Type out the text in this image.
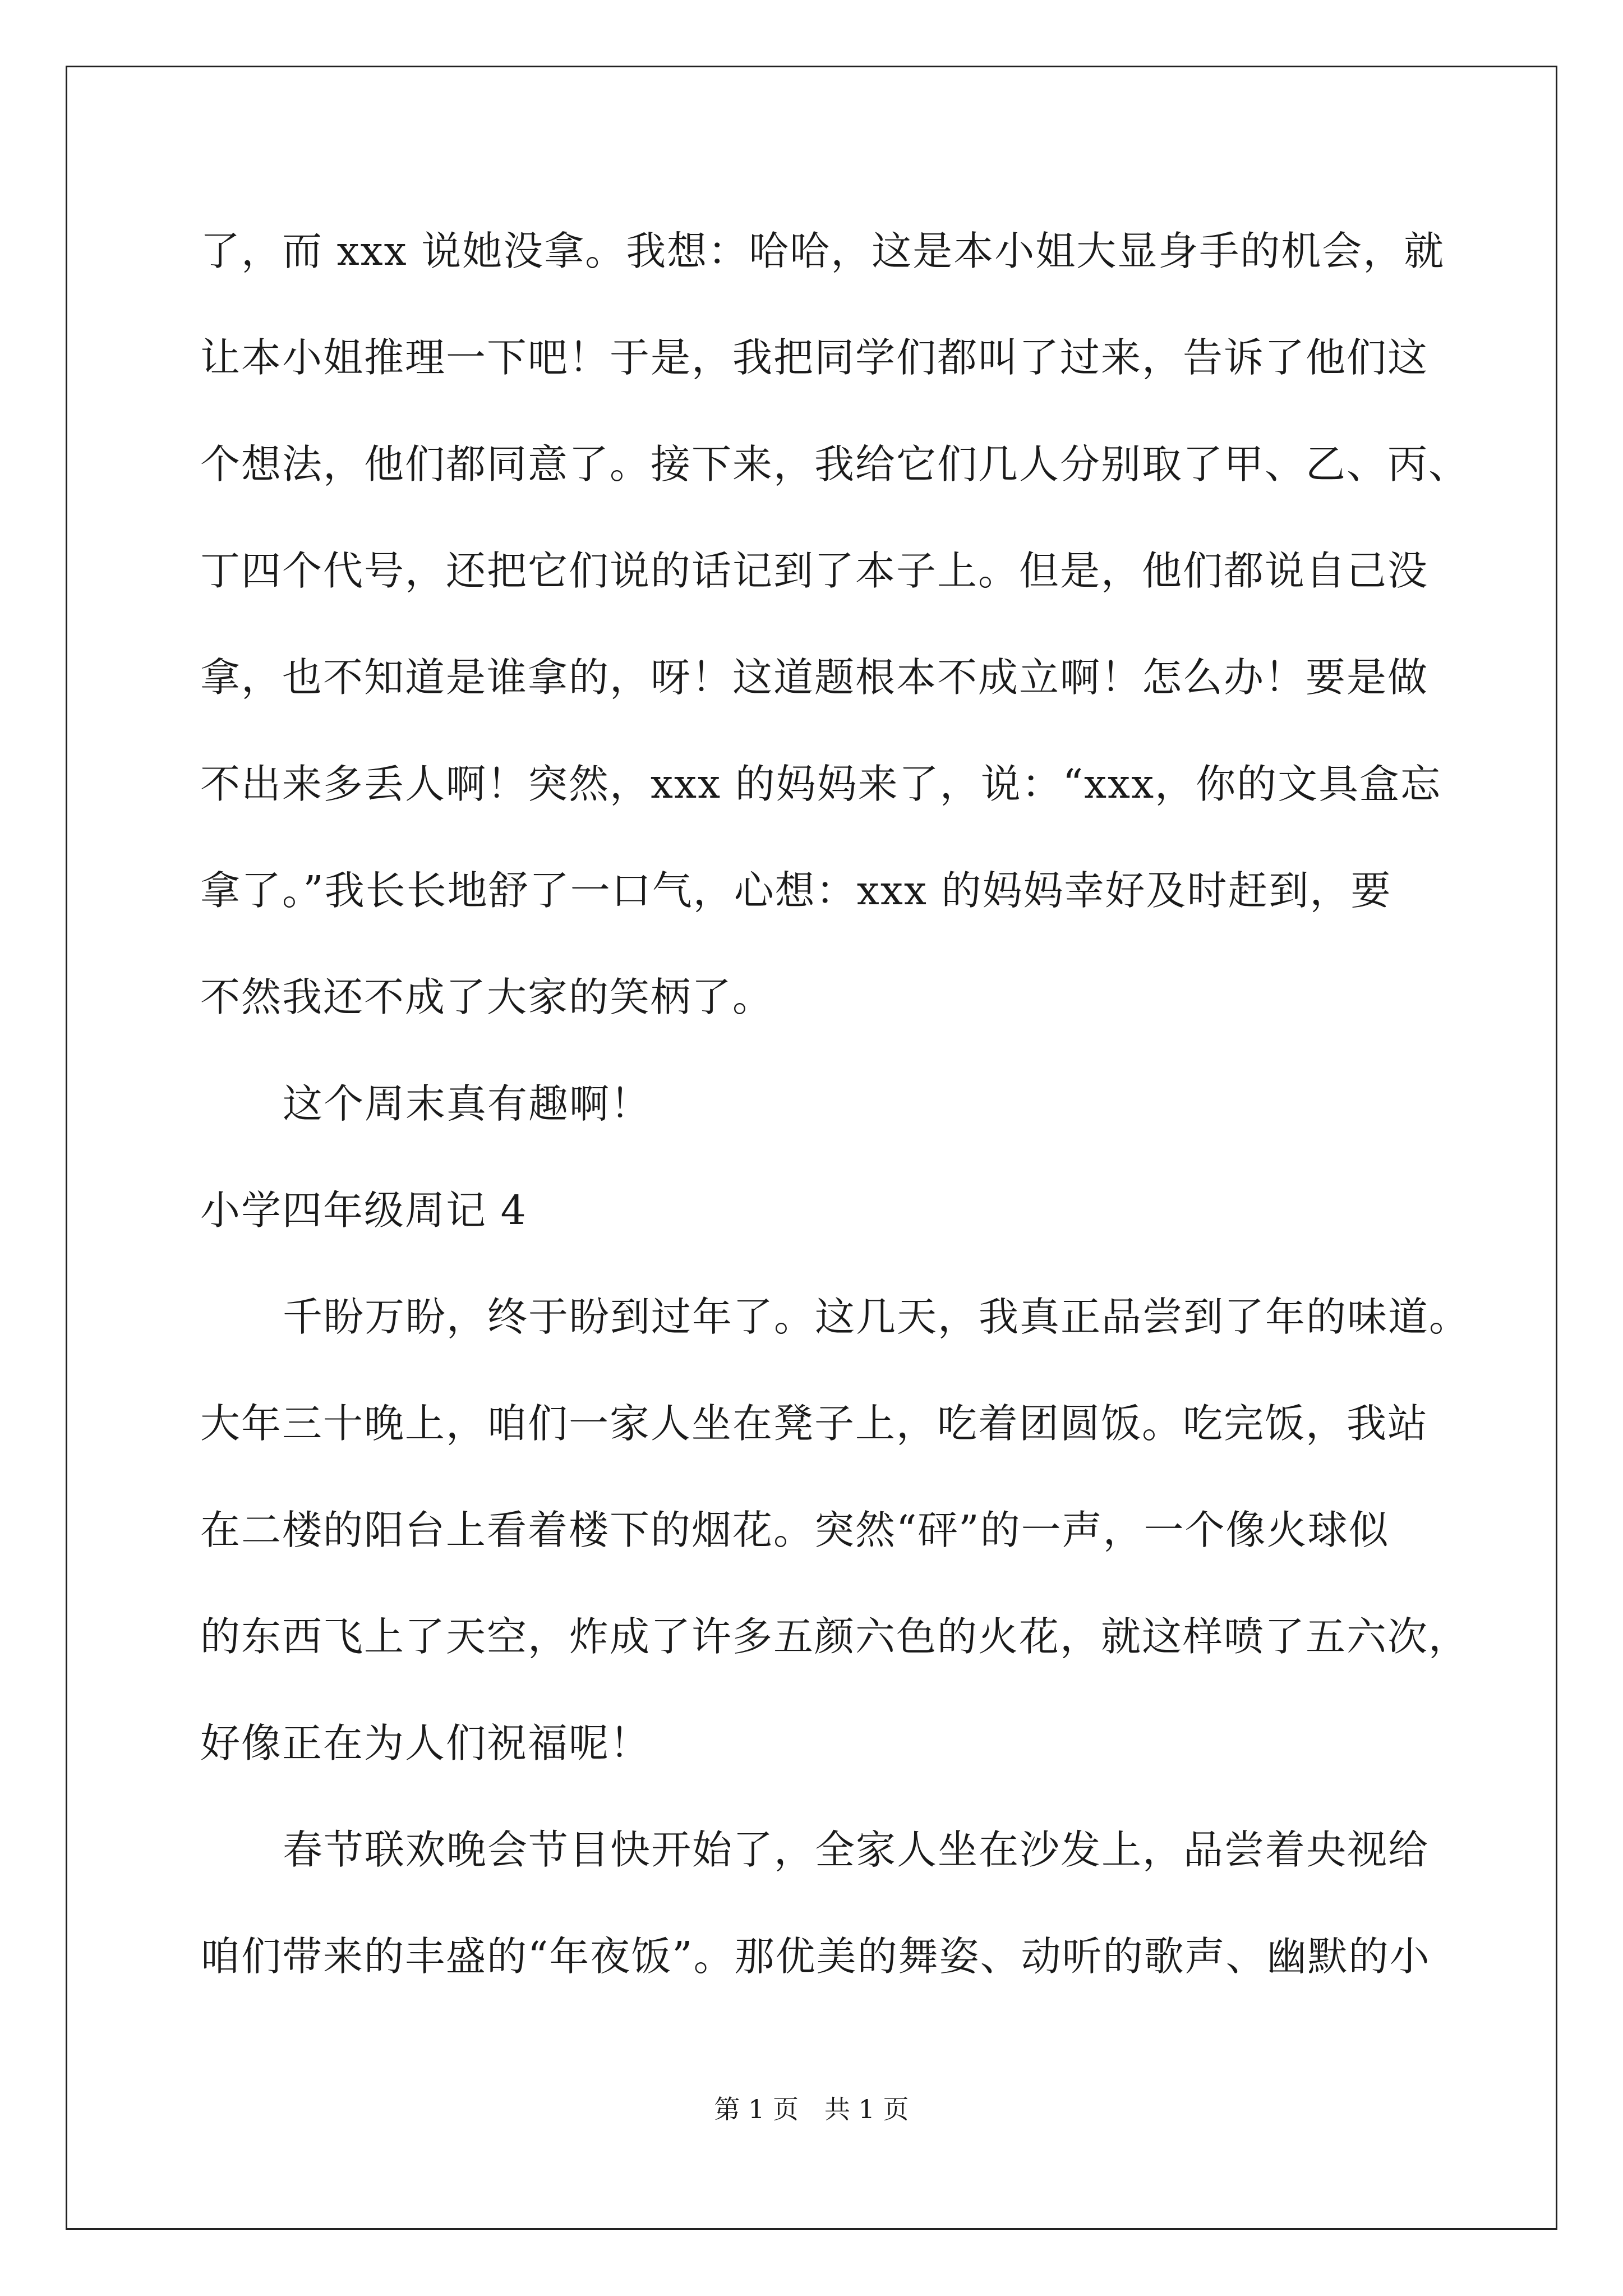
了，而 xxx 说她没拿。我想：哈哈，这是本小姐大显身手的机会，就
让本小姐推理一下吧！于是，我把同学们都叫了过来，告诉了他们这
个想法，他们都同意了。接下来，我给它们几人分别取了甲、乙、丙、
丁四个代号，还把它们说的话记到了本子上。但是，他们都说自己没
拿，也不知道是谁拿的，呀！这道题根本不成立啊！怎么办！要是做
不出来多丢人啊！突然，xxx 的妈妈来了，说：“xxx，你的文具盒忘
拿了。”我长长地舒了一口气，心想：xxx 的妈妈幸好及时赶到，要
不然我还不成了大家的笑柄了。
这个周末真有趣啊！
小学四年级周记 4
千盼万盼，终于盼到过年了。这几天，我真正品尝到了年的味道。
大年三十晚上，咱们一家人坐在凳子上，吃着团圆饭。吃完饭，我站
在二楼的阳台上看着楼下的烟花。突然“砰”的一声，一个像火球似
的东西飞上了天空，炸成了许多五颜六色的火花，就这样喷了五六次，
好像正在为人们祝福呢！
春节联欢晚会节目快开始了，全家人坐在沙发上，品尝着央视给
咱们带来的丰盛的“年夜饭”。那优美的舞姿、动听的歌声、幽默的小
第 1 页　共 1 页
